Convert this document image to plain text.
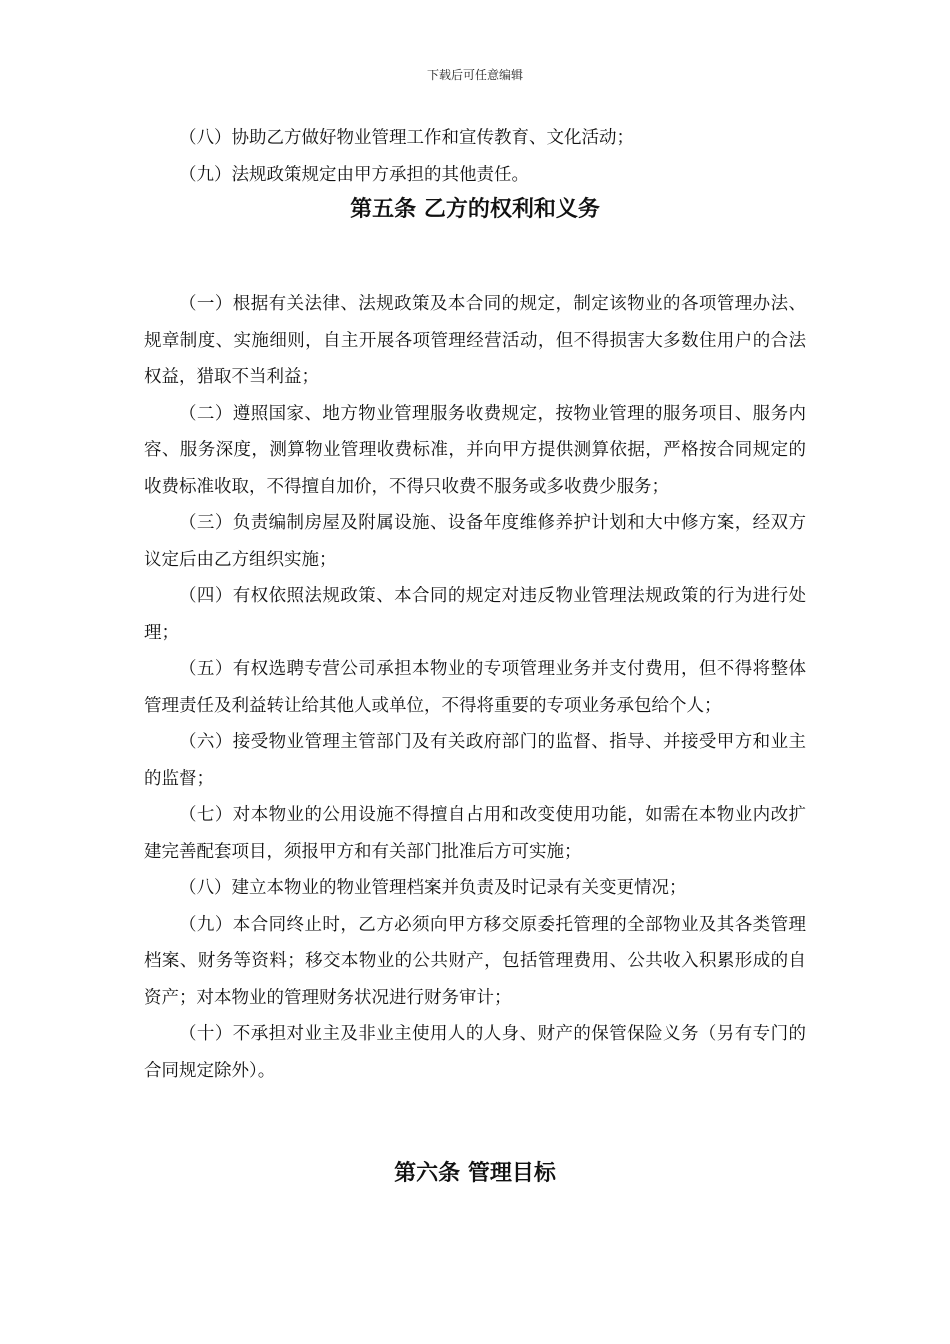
下载后可任意编辑

（八）协助乙方做好物业管理工作和宣传教育、文化活动；

（九）法规政策规定由甲方承担的其他责任。

第五条 乙方的权利和义务

（一）根据有关法律、法规政策及本合同的规定，制定该物业的各项管理办法、规章制度、实施细则，自主开展各项管理经营活动，但不得损害大多数住用户的合法权益，猎取不当利益；

（二）遵照国家、地方物业管理服务收费规定，按物业管理的服务项目、服务内容、服务深度，测算物业管理收费标准，并向甲方提供测算依据，严格按合同规定的收费标准收取，不得擅自加价，不得只收费不服务或多收费少服务；

（三）负责编制房屋及附属设施、设备年度维修养护计划和大中修方案，经双方议定后由乙方组织实施；

（四）有权依照法规政策、本合同的规定对违反物业管理法规政策的行为进行处理；

（五）有权选聘专营公司承担本物业的专项管理业务并支付费用，但不得将整体管理责任及利益转让给其他人或单位，不得将重要的专项业务承包给个人；

（六）接受物业管理主管部门及有关政府部门的监督、指导、并接受甲方和业主的监督；

（七）对本物业的公用设施不得擅自占用和改变使用功能，如需在本物业内改扩建完善配套项目，须报甲方和有关部门批准后方可实施；

（八）建立本物业的物业管理档案并负责及时记录有关变更情况；

（九）本合同终止时，乙方必须向甲方移交原委托管理的全部物业及其各类管理档案、财务等资料；移交本物业的公共财产，包括管理费用、公共收入积累形成的自资产；对本物业的管理财务状况进行财务审计；

（十）不承担对业主及非业主使用人的人身、财产的保管保险义务（另有专门的合同规定除外）。

第六条 管理目标
